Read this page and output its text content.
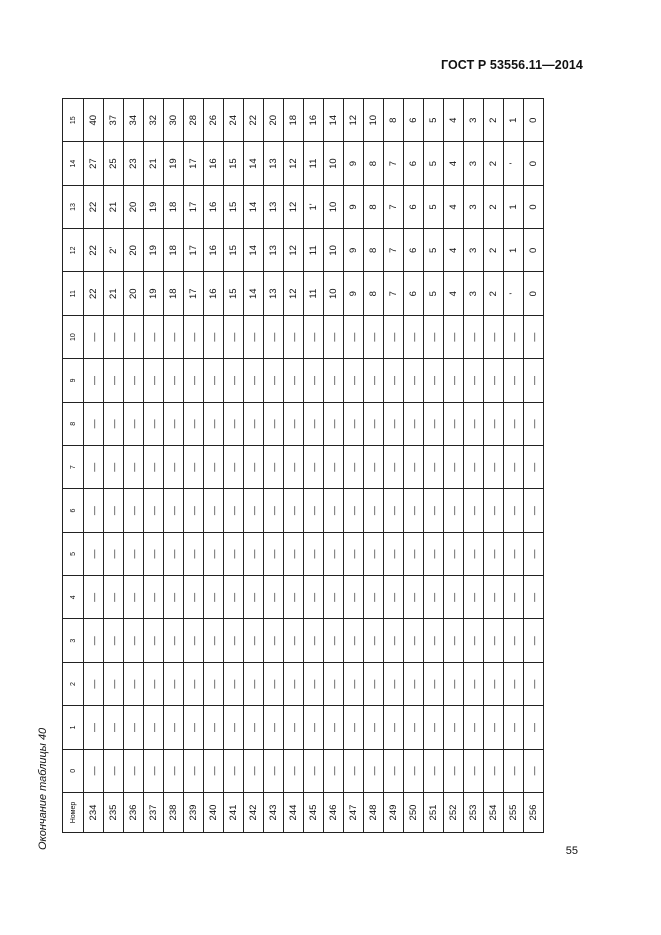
ГОСТ Р 53556.11—2014
Окончание таблицы 40	Номер	0	1	2	3	4	5	6	7	8	9	10	11	12	13	14	15
234	—	—	—	—	—	—	—	—	—	—	—	22	22	22	27	40
235	—	—	—	—	—	—	—	—	—	—	—	21	2'	21	25	37
236	—	—	—	—	—	—	—	—	—	—	—	20	20	20	23	34
237	—	—	—	—	—	—	—	—	—	—	—	19	19	19	21	32
238	—	—	—	—	—	—	—	—	—	—	—	18	18	18	19	30
239	—	—	—	—	—	—	—	—	—	—	—	17	17	17	17	28
240	—	—	—	—	—	—	—	—	—	—	—	16	16	16	16	26
241	—	—	—	—	—	—	—	—	—	—	—	15	15	15	15	24
242	—	—	—	—	—	—	—	—	—	—	—	14	14	14	14	22
243	—	—	—	—	—	—	—	—	—	—	—	13	13	13	13	20
244	—	—	—	—	—	—	—	—	—	—	—	12	12	12	12	18
245	—	—	—	—	—	—	—	—	—	—	—	11	11	1'	11	16
246	—	—	—	—	—	—	—	—	—	—	—	10	10	10	10	14
247	—	—	—	—	—	—	—	—	—	—	—	9	9	9	9	12
248	—	—	—	—	—	—	—	—	—	—	—	8	8	8	8	10
249	—	—	—	—	—	—	—	—	—	—	—	7	7	7	7	8
250	—	—	—	—	—	—	—	—	—	—	—	6	6	6	6	6
251	—	—	—	—	—	—	—	—	—	—	—	5	5	5	5	5
252	—	—	—	—	—	—	—	—	—	—	—	4	4	4	4	4
253	—	—	—	—	—	—	—	—	—	—	—	3	3	3	3	3
254	—	—	—	—	—	—	—	—	—	—	—	2	2	2	2	2
255	—	—	—	—	—	—	—	—	—	—	—	'	1	1	'	1
256	—	—	—	—	—	—	—	—	—	—	—	0	0	0	0	0
55
